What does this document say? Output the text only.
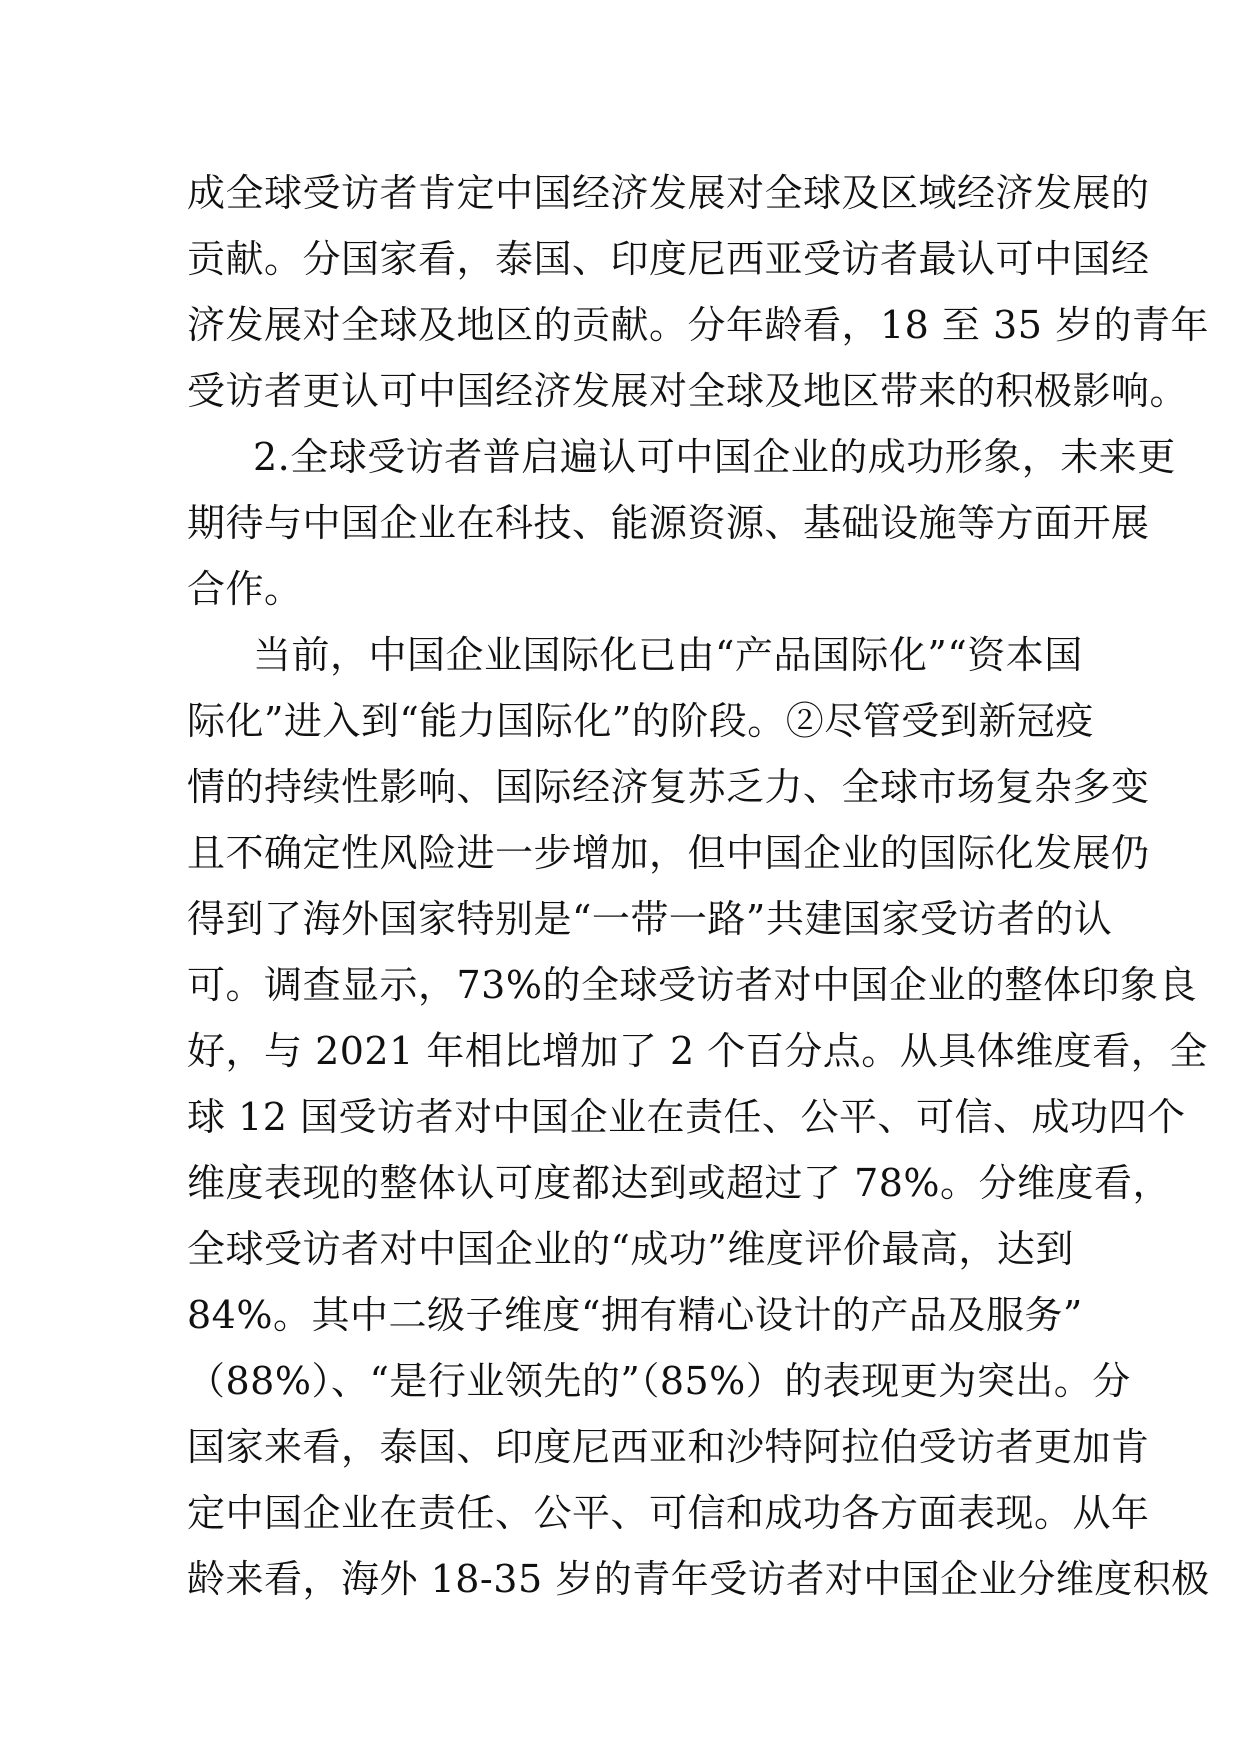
成全球受访者肯定中国经济发展对全球及区域经济发展的
贡献。分国家看，泰国、印度尼西亚受访者最认可中国经
济发展对全球及地区的贡献。分年龄看，18 至 35 岁的青年
受访者更认可中国经济发展对全球及地区带来的积极影响。
2.全球受访者普启遍认可中国企业的成功形象，未来更
期待与中国企业在科技、能源资源、基础设施等方面开展
合作。
当前，中国企业国际化已由“产品国际化”“资本国
际化”进入到“能力国际化”的阶段。②尽管受到新冠疫
情的持续性影响、国际经济复苏乏力、全球市场复杂多变
且不确定性风险进一步增加，但中国企业的国际化发展仍
得到了海外国家特别是“一带一路”共建国家受访者的认
可。调查显示，73%的全球受访者对中国企业的整体印象良
好，与 2021 年相比增加了 2 个百分点。从具体维度看，全
球 12 国受访者对中国企业在责任、公平、可信、成功四个
维度表现的整体认可度都达到或超过了 78%。分维度看，
全球受访者对中国企业的“成功”维度评价最高，达到
84%。其中二级子维度“拥有精心设计的产品及服务”
（88%）、“是行业领先的”（85%）的表现更为突出。分
国家来看，泰国、印度尼西亚和沙特阿拉伯受访者更加肯
定中国企业在责任、公平、可信和成功各方面表现。从年
龄来看，海外 18-35 岁的青年受访者对中国企业分维度积极
